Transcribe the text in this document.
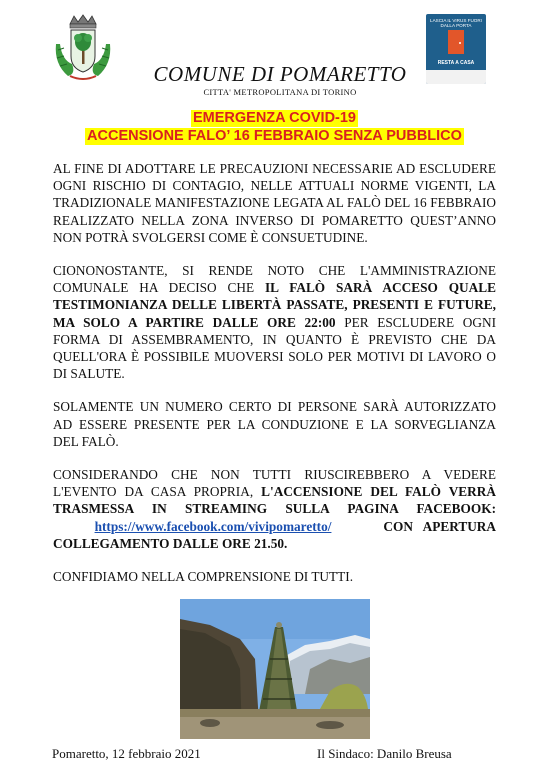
COMUNE DI POMARETTO
CITTA' METROPOLITANA DI TORINO
LASCIA IL VIRUS FUORI DALLA PORTA
RESTA A CASA
EMERGENZA COVID-19
ACCENSIONE FALO’ 16 FEBBRAIO SENZA PUBBLICO

AL FINE DI ADOTTARE LE PRECAUZIONI NECESSARIE AD ESCLUDERE OGNI RISCHIO DI CONTAGIO, NELLE ATTUALI NORME VIGENTI, LA TRADIZIONALE MANIFESTAZIONE LEGATA AL FALÒ DEL 16 FEBBRAIO REALIZZATO NELLA ZONA INVERSO DI POMARETTO QUEST’ANNO NON POTRÀ SVOLGERSI COME È CONSUETUDINE.

CIONONOSTANTE, SI RENDE NOTO CHE L'AMMINISTRAZIONE COMUNALE HA DECISO CHE IL FALÒ SARÀ ACCESO QUALE TESTIMONIANZA DELLE LIBERTÀ PASSATE, PRESENTI E FUTURE, MA SOLO A PARTIRE DALLE ORE 22:00 PER ESCLUDERE OGNI FORMA DI ASSEMBRAMENTO, IN QUANTO È PREVISTO CHE DA QUELL'ORA È POSSIBILE MUOVERSI SOLO PER MOTIVI DI LAVORO O DI SALUTE.

SOLAMENTE UN NUMERO CERTO DI PERSONE SARÀ AUTORIZZATO AD ESSERE PRESENTE PER LA CONDUZIONE E LA SORVEGLIANZA DEL FALÒ.

CONSIDERANDO CHE NON TUTTI RIUSCIREBBERO A VEDERE L'EVENTO DA CASA PROPRIA, L'ACCENSIONE DEL FALÒ VERRÀ TRASMESSA IN STREAMING SULLA PAGINA FACEBOOK:     https://www.facebook.com/vivipomaretto/	CON APERTURA COLLEGAMENTO DALLE ORE 21.50.

CONFIDIAMO NELLA COMPRENSIONE DI TUTTI.

Pomaretto, 12 febbraio 2021	Il Sindaco: Danilo Breusa
